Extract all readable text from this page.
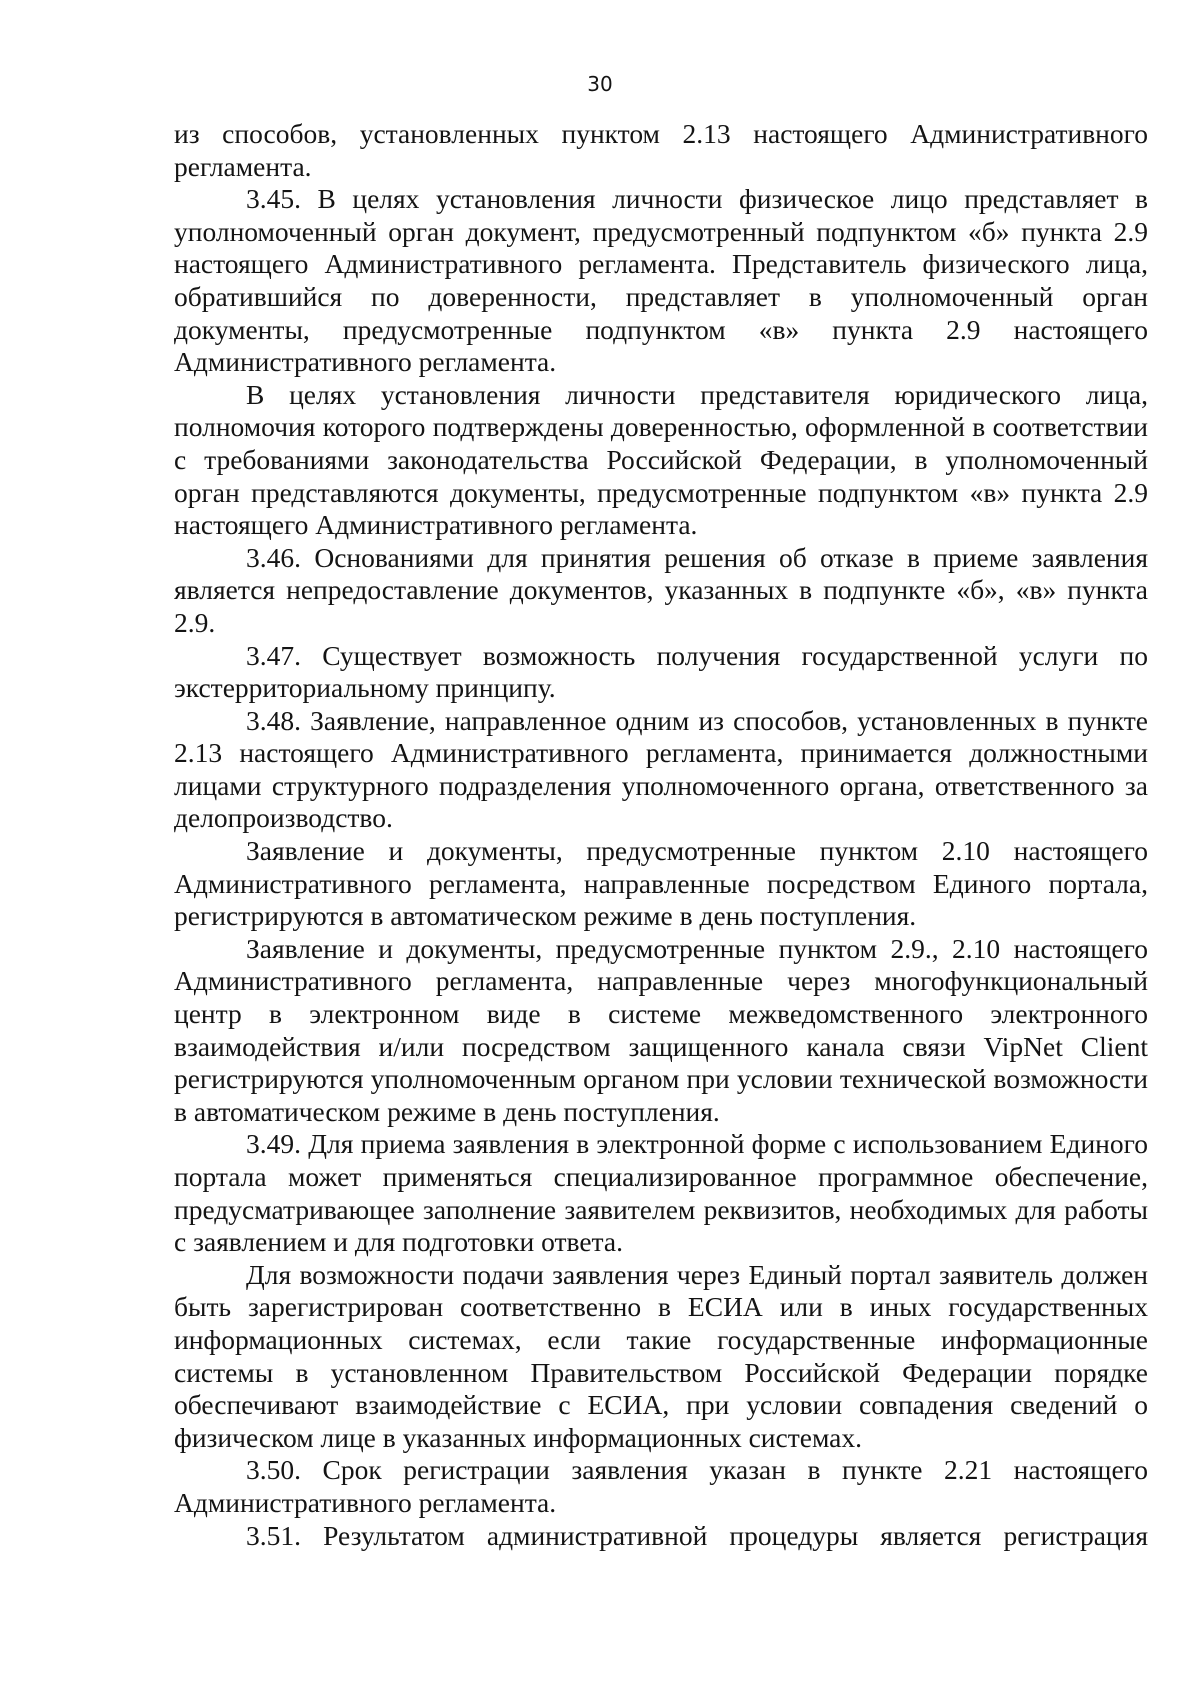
30

из способов, установленных пунктом 2.13 настоящего Административного регламента.

3.45. В целях установления личности физическое лицо представляет в уполномоченный орган документ, предусмотренный подпунктом «б» пункта 2.9 настоящего Административного регламента. Представитель физического лица, обратившийся по доверенности, представляет в уполномоченный орган документы, предусмотренные подпунктом «в» пункта 2.9 настоящего Административного регламента.

В целях установления личности представителя юридического лица, полномочия которого подтверждены доверенностью, оформленной в соответствии с требованиями законодательства Российской Федерации, в уполномоченный орган представляются документы, предусмотренные подпунктом «в» пункта 2.9 настоящего Административного регламента.

3.46. Основаниями для принятия решения об отказе в приеме заявления является непредоставление документов, указанных в подпункте «б», «в» пункта 2.9.

3.47. Существует возможность получения государственной услуги по экстерриториальному принципу.

3.48. Заявление, направленное одним из способов, установленных в пункте 2.13 настоящего Административного регламента, принимается должностными лицами структурного подразделения уполномоченного органа, ответственного за делопроизводство.

Заявление и документы, предусмотренные пунктом 2.10 настоящего Административного регламента, направленные посредством Единого портала, регистрируются в автоматическом режиме в день поступления.

Заявление и документы, предусмотренные пунктом 2.9., 2.10 настоящего Административного регламента, направленные через многофункциональный центр в электронном виде в системе межведомственного электронного взаимодействия и/или посредством защищенного канала связи VipNet Client регистрируются уполномоченным органом при условии технической возможности в автоматическом режиме в день поступления.

3.49. Для приема заявления в электронной форме с использованием Единого портала может применяться специализированное программное обеспечение, предусматривающее заполнение заявителем реквизитов, необходимых для работы с заявлением и для подготовки ответа.

Для возможности подачи заявления через Единый портал заявитель должен быть зарегистрирован соответственно в ЕСИА или в иных государственных информационных системах, если такие государственные информационные системы в установленном Правительством Российской Федерации порядке обеспечивают взаимодействие с ЕСИА, при условии совпадения сведений о физическом лице в указанных информационных системах.

3.50. Срок регистрации заявления указан в пункте 2.21 настоящего Административного регламента.

3.51. Результатом административной процедуры является регистрация
